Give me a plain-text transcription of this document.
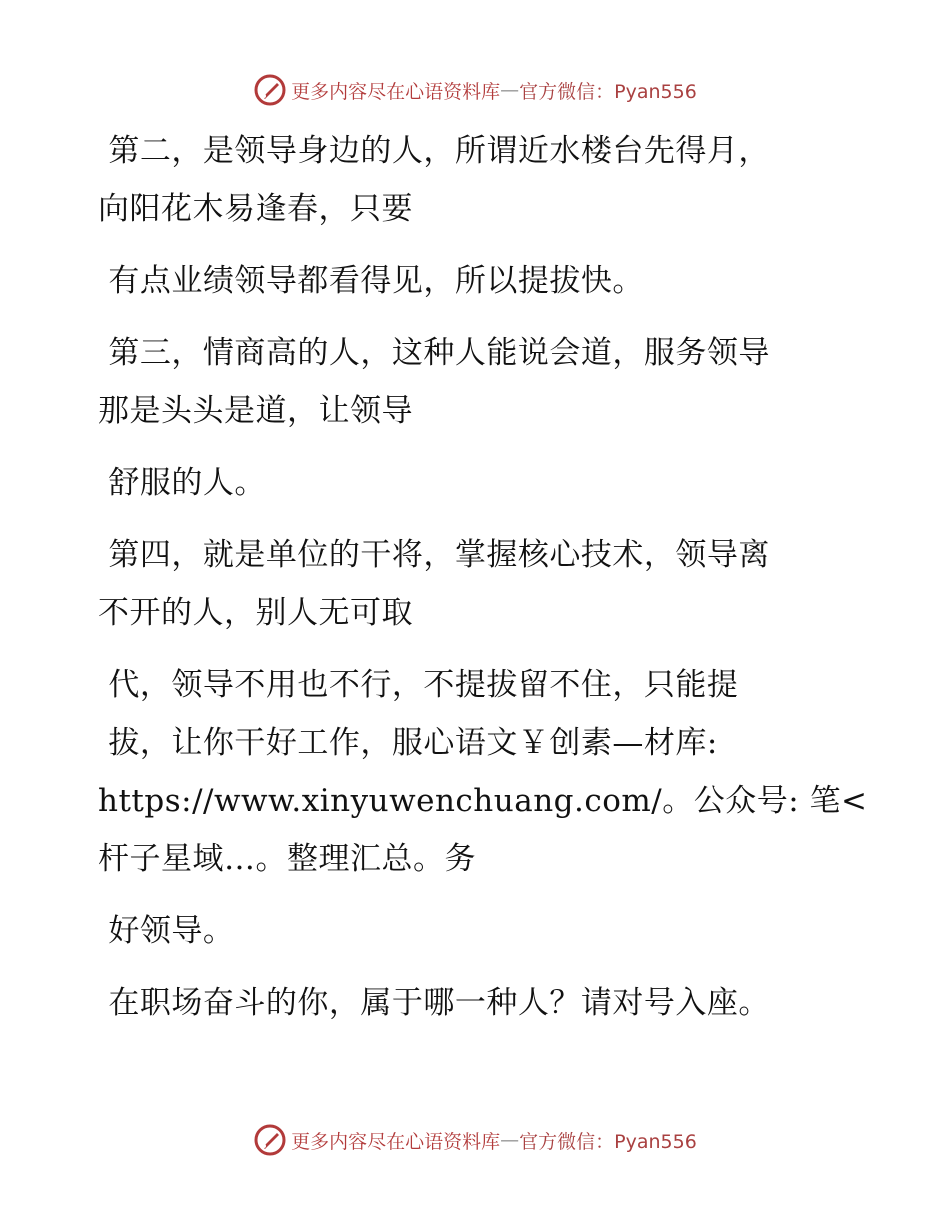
更多内容尽在心语资料库 — 官方微信：Pyan556
第二，是领导身边的人，所谓近水楼台先得月，
向阳花木易逢春，只要
有点业绩领导都看得见，所以提拔快。
第三，情商高的人，这种人能说会道，服务领导
那是头头是道，让领导
舒服的人。
第四，就是单位的干将，掌握核心技术，领导离
不开的人，别人无可取
代，领导不用也不行，不提拔留不住，只能提
拔，让你干好工作，服心语文￥创素—材库:
https://www.xinyuwenchuang.com/。公众号: 笔<
杆子星域…。整理汇总。务
好领导。
在职场奋斗的你，属于哪一种人？请对号入座。
更多内容尽在心语资料库 — 官方微信：Pyan556
